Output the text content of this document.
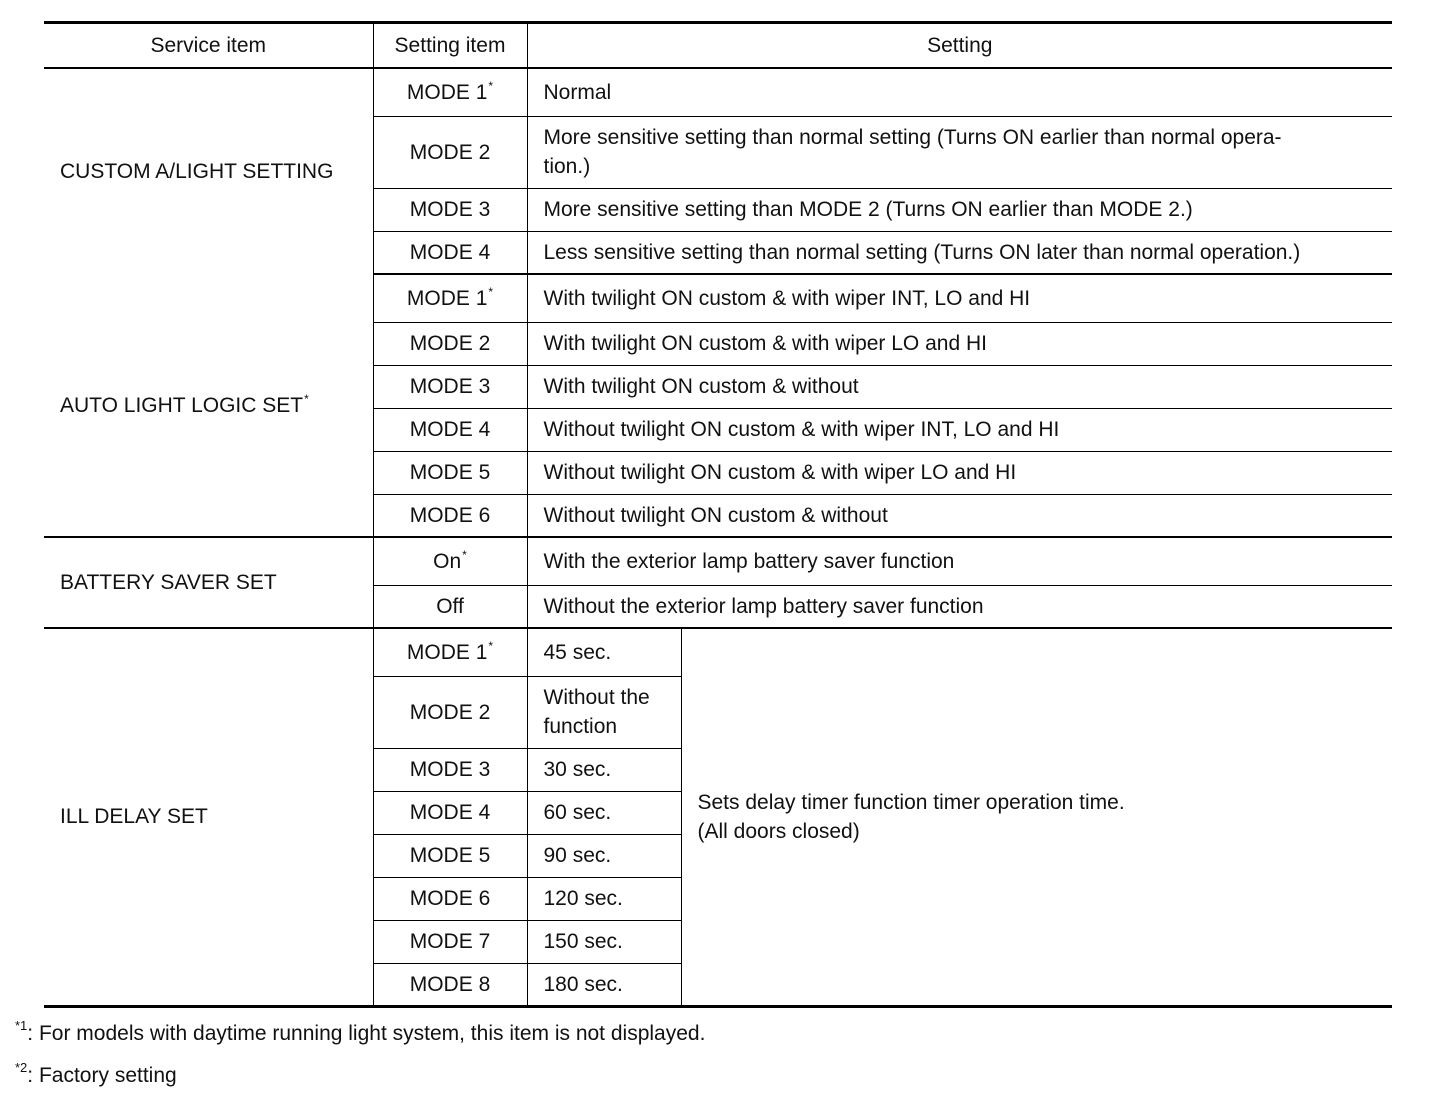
Service item	Setting item	Setting	
CUSTOM A/LIGHT SETTING	MODE 1*	Normal	
	MODE 2	More sensitive setting than normal setting (Turns ON earlier than normal opera-
tion.)	
	MODE 3	More sensitive setting than MODE 2 (Turns ON earlier than MODE 2.)	
	MODE 4	Less sensitive setting than normal setting (Turns ON later than normal operation.)	
AUTO LIGHT LOGIC SET*	MODE 1*	With twilight ON custom & with wiper INT, LO and HI	
	MODE 2	With twilight ON custom & with wiper LO and HI	
	MODE 3	With twilight ON custom & without	
	MODE 4	Without twilight ON custom & with wiper INT, LO and HI	
	MODE 5	Without twilight ON custom & with wiper LO and HI	
	MODE 6	Without twilight ON custom & without	
BATTERY SAVER SET	On*	With the exterior lamp battery saver function	
	Off	Without the exterior lamp battery saver function	
ILL DELAY SET	MODE 1*	45 sec.	Sets delay timer function timer operation time.
(All doors closed)
	MODE 2	Without the
function	
	MODE 3	30 sec.	
	MODE 4	60 sec.	
	MODE 5	90 sec.	
	MODE 6	120 sec.	
	MODE 7	150 sec.	
	MODE 8	180 sec.	
$^{*1}$: For models with daytime running light system, this item is not displayed.
$^{*2}$: Factory setting
